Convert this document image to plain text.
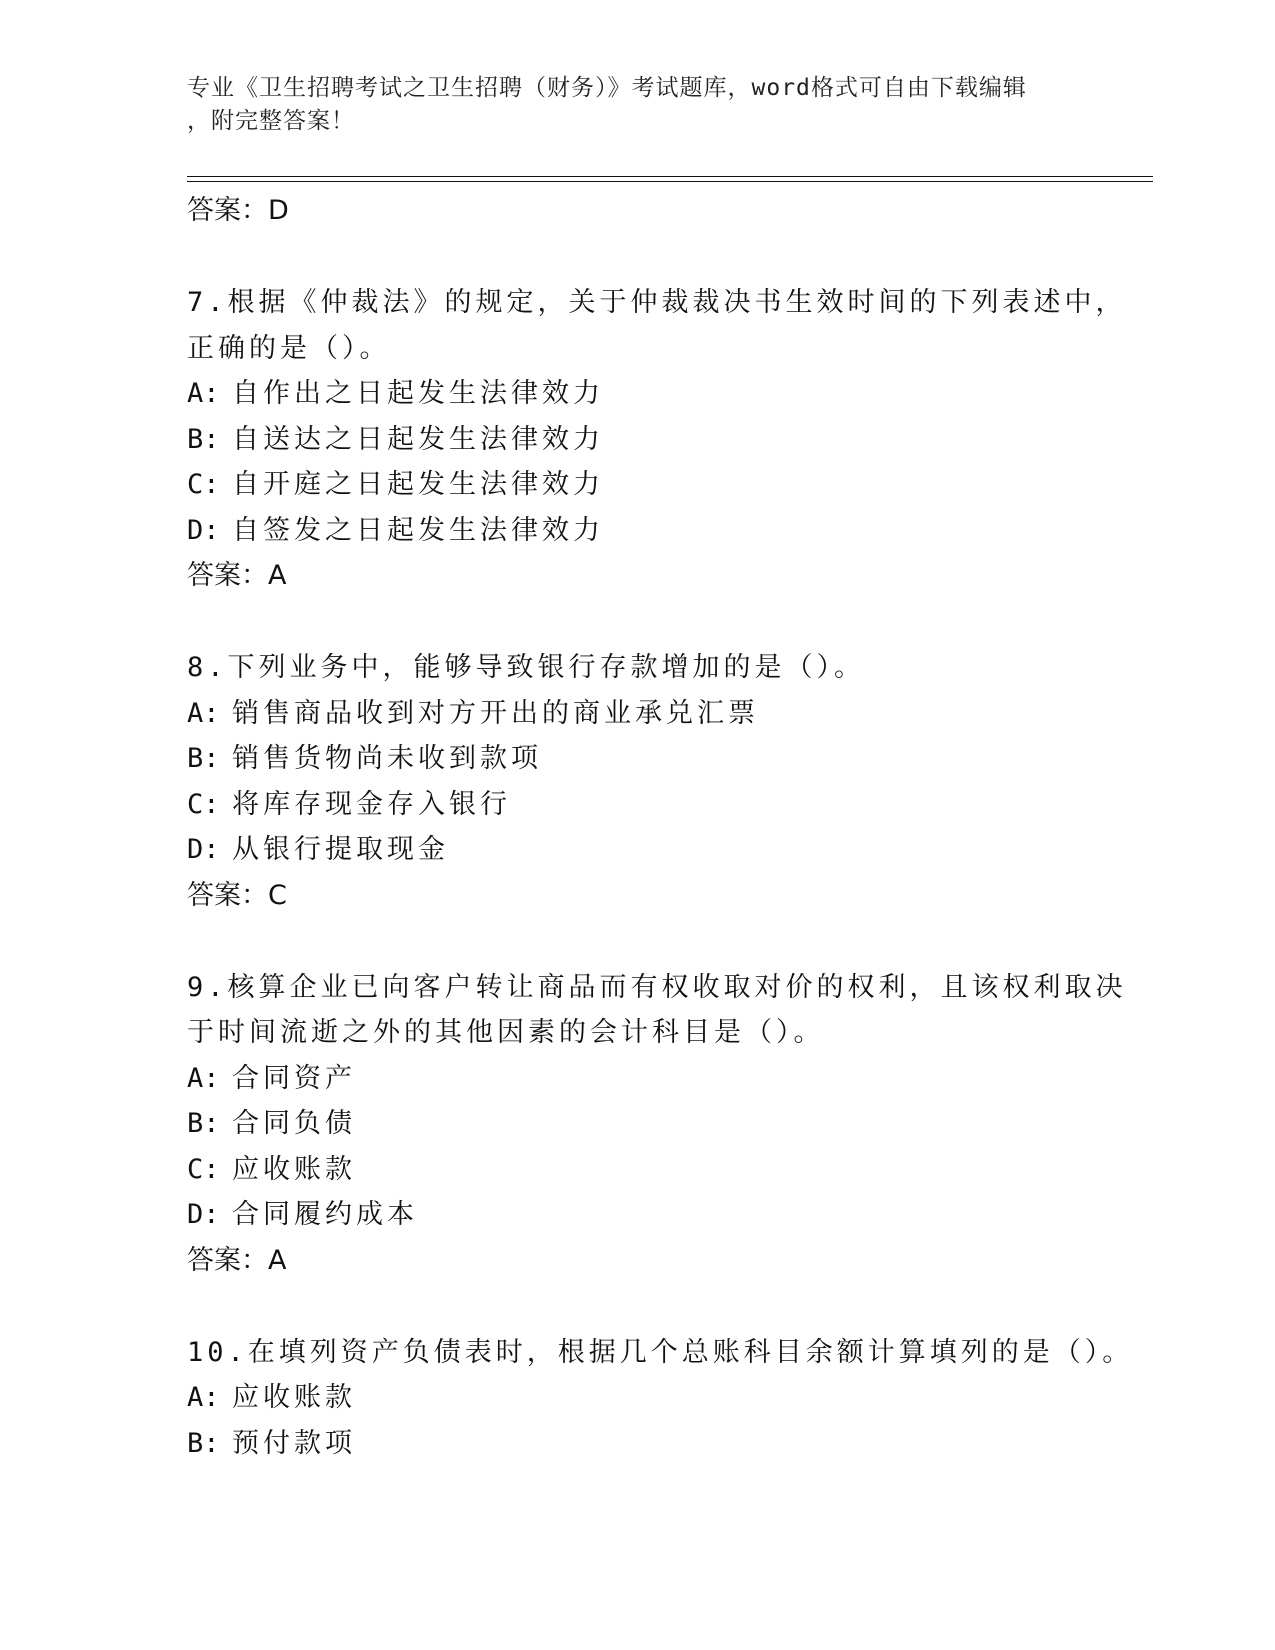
专业《卫生招聘考试之卫生招聘（财务）》考试题库，word格式可自由下载编辑
，附完整答案！
答案：D
7.根据《仲裁法》的规定，关于仲裁裁决书生效时间的下列表述中，
正确的是（）。
A: 自作出之日起发生法律效力
B: 自送达之日起发生法律效力
C: 自开庭之日起发生法律效力
D: 自签发之日起发生法律效力
答案：A
8.下列业务中，能够导致银行存款增加的是（）。
A: 销售商品收到对方开出的商业承兑汇票
B: 销售货物尚未收到款项
C: 将库存现金存入银行
D: 从银行提取现金
答案：C
9.核算企业已向客户转让商品而有权收取对价的权利，且该权利取决
于时间流逝之外的其他因素的会计科目是（）。
A: 合同资产
B: 合同负债
C: 应收账款
D: 合同履约成本
答案：A
10.在填列资产负债表时，根据几个总账科目余额计算填列的是（）。
A: 应收账款
B: 预付款项
